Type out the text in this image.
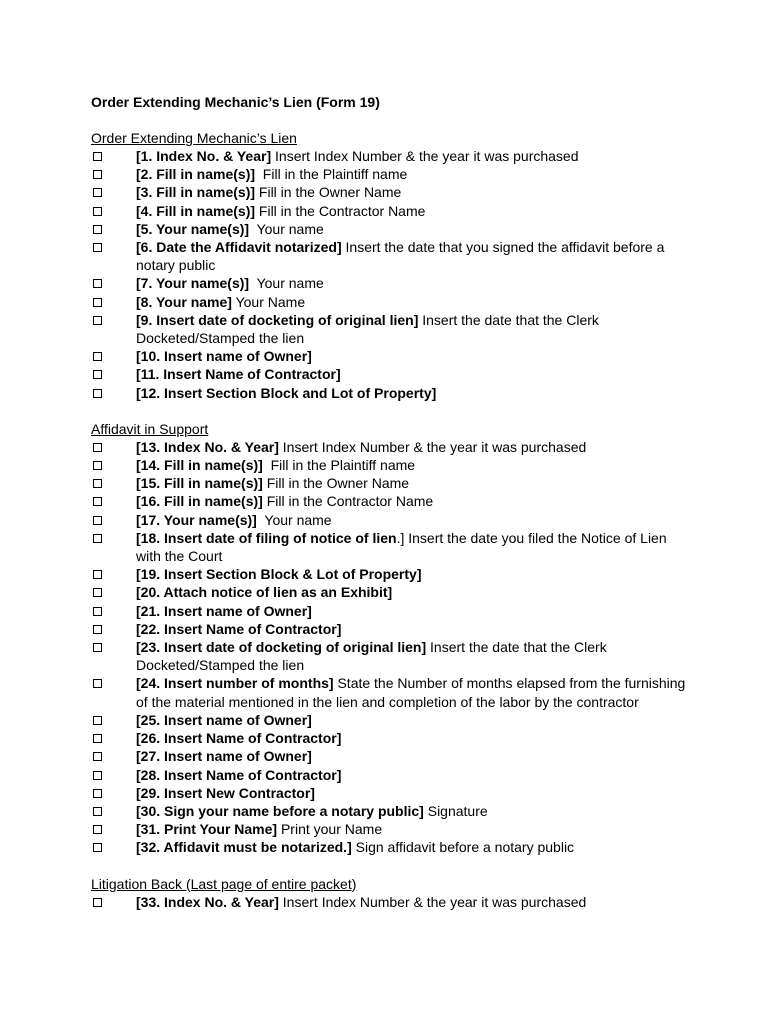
Order Extending Mechanic’s Lien (Form 19)
Order Extending Mechanic’s Lien
[1. Index No. & Year] Insert Index Number & the year it was purchased
[2. Fill in name(s)]  Fill in the Plaintiff name
[3. Fill in name(s)] Fill in the Owner Name
[4. Fill in name(s)] Fill in the Contractor Name
[5. Your name(s)]  Your name
[6. Date the Affidavit notarized] Insert the date that you signed the affidavit before a notary public
[7. Your name(s)]  Your name
[8. Your name] Your Name
[9. Insert date of docketing of original lien] Insert the date that the Clerk Docketed/Stamped the lien
[10. Insert name of Owner]
[11. Insert Name of Contractor]
[12. Insert Section Block and Lot of Property]
Affidavit in Support
[13. Index No. & Year] Insert Index Number & the year it was purchased
[14. Fill in name(s)]  Fill in the Plaintiff name
[15. Fill in name(s)] Fill in the Owner Name
[16. Fill in name(s)] Fill in the Contractor Name
[17. Your name(s)]  Your name
[18. Insert date of filing of notice of lien.] Insert the date you filed the Notice of Lien with the Court
[19. Insert Section Block & Lot of Property]
[20. Attach notice of lien as an Exhibit]
[21. Insert name of Owner]
[22. Insert Name of Contractor]
[23. Insert date of docketing of original lien] Insert the date that the Clerk Docketed/Stamped the lien
[24. Insert number of months] State the Number of months elapsed from the furnishing of the material mentioned in the lien and completion of the labor by the contractor
[25. Insert name of Owner]
[26. Insert Name of Contractor]
[27. Insert name of Owner]
[28. Insert Name of Contractor]
[29. Insert New Contractor]
[30. Sign your name before a notary public] Signature
[31. Print Your Name] Print your Name
[32. Affidavit must be notarized.] Sign affidavit before a notary public
Litigation Back (Last page of entire packet)
[33. Index No. & Year] Insert Index Number & the year it was purchased
